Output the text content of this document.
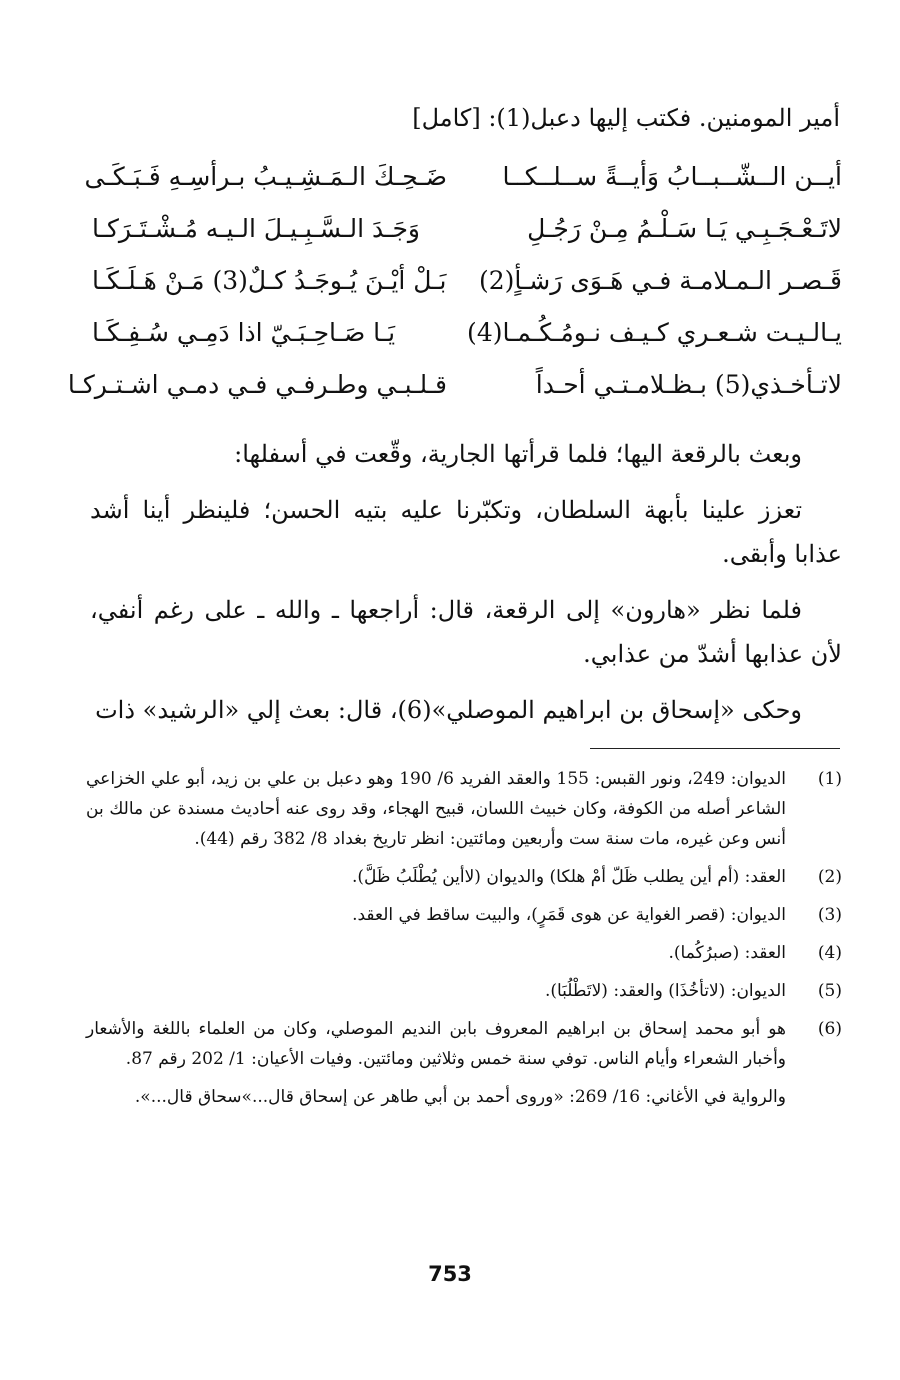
أمير المومنين. فكتب إليها دعبل(1): [كامل]
أيــن الــشّــبــابُ وَأيــةً ســلــكــا
ضَـحِـكَ الـمَـشِـيـبُ بـرأسِـهِ فَـبَـكَـى
لاتَـعْـجَـبِـي يَـا سَـلْـمُ مِـنْ رَجُـلِ
وَجَـدَ الـسَّـبِـيـلَ الـيـه مُـشْـتَـرَكـا
قَـصـر الـمـلامـة فـي هَـوَى رَشـأٍ(2)
بَـلْ أيْـنَ يُـوجَـدُ كـلٌ(3) مَـنْ هَـلَـكَـا
يـالـيـت شـعـري كـيـف نـومُـكُـمـا(4)
يَـا صَـاحِـبَـيّ اذا دَمِـي سُـفِـكَـا
لاتـأخـذي(5) بـظـلامـتـي أحـداً
قـلـبـي وطـرفـي فـي دمـي اشـتـركـا

وبعث بالرقعة اليها؛ فلما قرأتها الجارية، وقّعت في أسفلها:

تعزز علينا بأبهة السلطان، وتكبّرنا عليه بتيه الحسن؛ فلينظر أينا أشد عذابا وأبقى.

فلما نظر «هارون» إلى الرقعة، قال: أراجعها ـ والله ـ على رغم أنفي، لأن عذابها أشدّ من عذابي.

وحكى «إسحاق بن ابراهيم الموصلي»(6)، قال: بعث إلي «الرشيد» ذات

(1)
الديوان: 249، ونور القبس: 155 والعقد الفريد 6/ 190 وهو دعبل بن علي بن زيد، أبو علي الخزاعي الشاعر أصله من الكوفة، وكان خبيث اللسان، قبيح الهجاء، وقد روى عنه أحاديث مسندة عن مالك بن أنس وعن غيره، مات سنة ست وأربعين ومائتين: انظر تاريخ بغداد 8/ 382 رقم (44).
(2)
العقد: (أم أين يطلب ظَلّ أمْ هلكا) والديوان (لاأين يُطْلَبُ ظَلَّ).
(3)
الديوان: (قصر الغواية عن هوى قَمَرٍ)، والبيت ساقط في العقد.
(4)
العقد: (صبرُكُما).
(5)
الديوان: (لاتأخُذَا) والعقد: (لاتَطْلُبَا).
(6)
هو أبو محمد إسحاق بن ابراهيم المعروف بابن النديم الموصلي، وكان من العلماء باللغة والأشعار وأخبار الشعراء وأيام الناس. توفي سنة خمس وثلاثين ومائتين. وفيات الأعيان: 1/ 202 رقم 87.
والرواية في الأغاني: 16/ 269: «وروى أحمد بن أبي طاهر عن إسحاق قال...»سحاق قال...».
753
